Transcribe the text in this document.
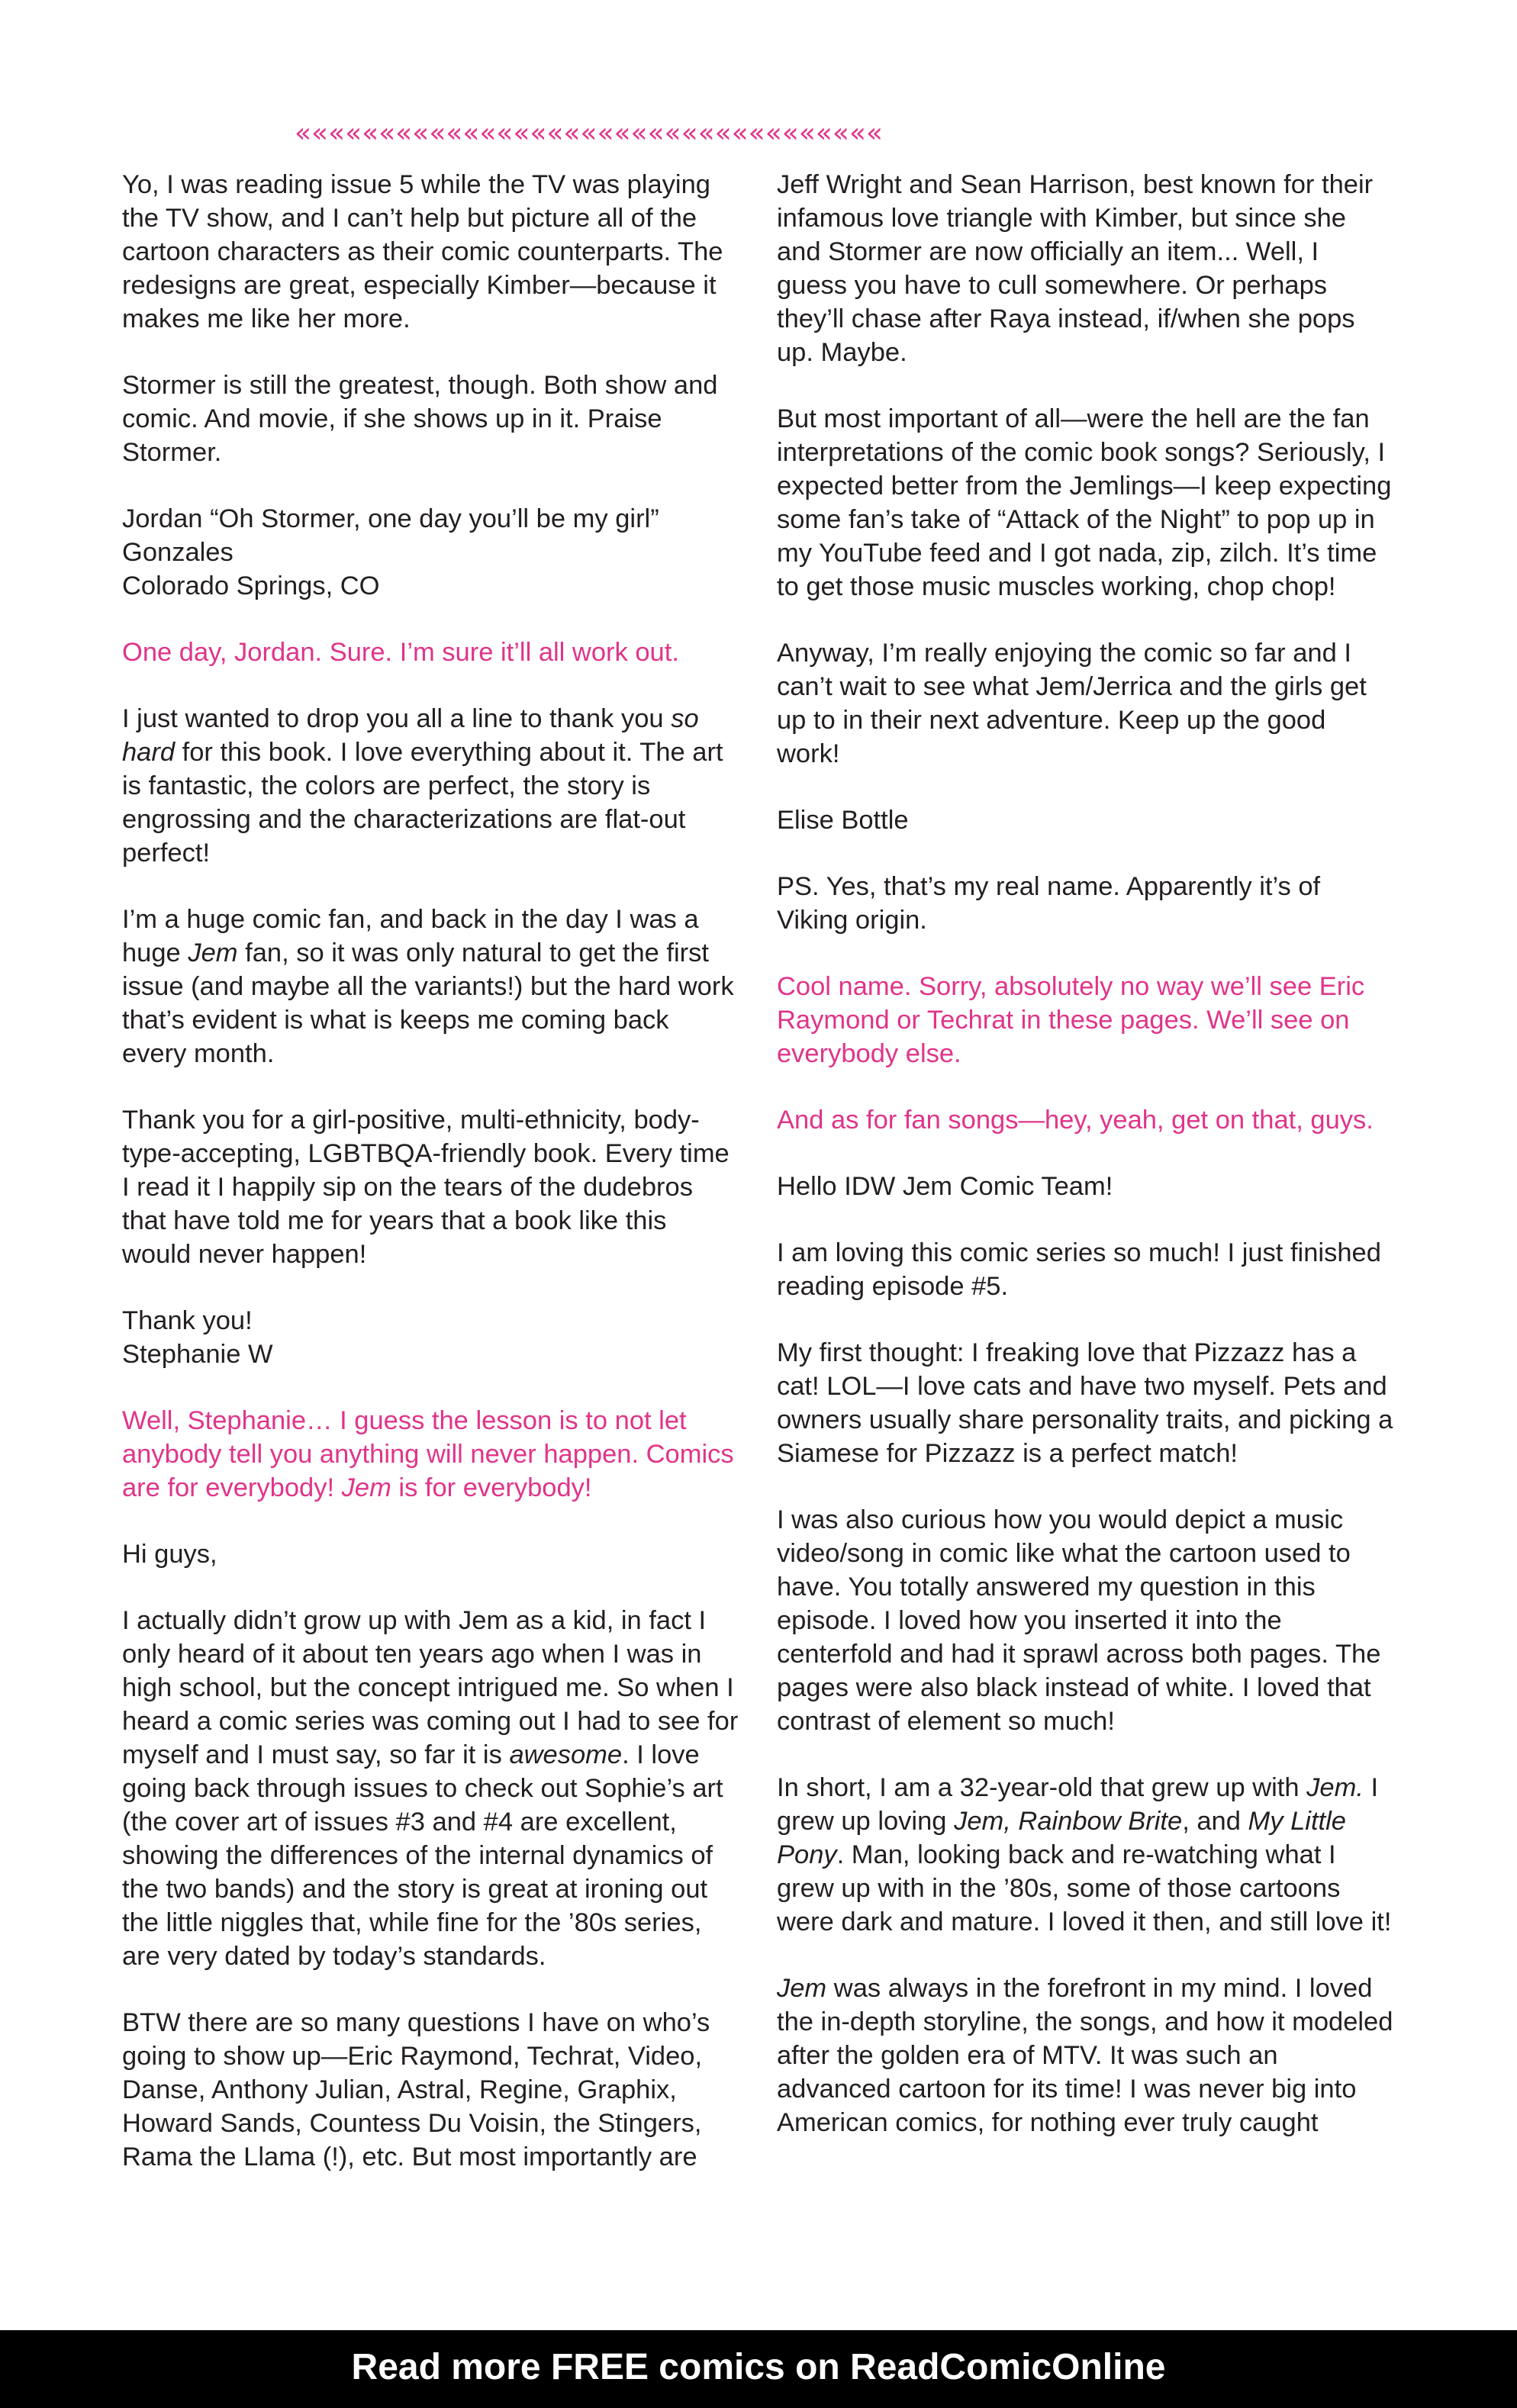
«««««««««««««««««««««««««««««««««««

Yo, I was reading issue 5 while the TV was playing the TV show, and I can’t help but picture all of the cartoon characters as their comic counterparts. The redesigns are great, especially Kimber—because it makes me like her more.

Stormer is still the greatest, though. Both show and comic. And movie, if she shows up in it. Praise Stormer.

Jordan “Oh Stormer, one day you’ll be my girl”
Gonzales
Colorado Springs, CO

One day, Jordan. Sure. I’m sure it’ll all work out.

I just wanted to drop you all a line to thank you so hard for this book. I love everything about it. The art is fantastic, the colors are perfect, the story is engrossing and the characterizations are flat-out perfect!

I’m a huge comic fan, and back in the day I was a huge Jem fan, so it was only natural to get the first issue (and maybe all the variants!) but the hard work that’s evident is what is keeps me coming back every month.

Thank you for a girl-positive, multi-ethnicity, body-type-accepting, LGBTBQA-friendly book. Every time I read it I happily sip on the tears of the dudebros that have told me for years that a book like this would never happen!

Thank you!
Stephanie W

Well, Stephanie… I guess the lesson is to not let anybody tell you anything will never happen. Comics are for everybody! Jem is for everybody!

Hi guys,

I actually didn’t grow up with Jem as a kid, in fact I only heard of it about ten years ago when I was in high school, but the concept intrigued me. So when I heard a comic series was coming out I had to see for myself and I must say, so far it is awesome. I love going back through issues to check out Sophie’s art (the cover art of issues #3 and #4 are excellent, showing the differences of the internal dynamics of the two bands) and the story is great at ironing out the little niggles that, while fine for the ’80s series, are very dated by today’s standards.

BTW there are so many questions I have on who’s going to show up—Eric Raymond, Techrat, Video, Danse, Anthony Julian, Astral, Regine, Graphix, Howard Sands, Countess Du Voisin, the Stingers, Rama the Llama (!), etc. But most importantly are

Jeff Wright and Sean Harrison, best known for their infamous love triangle with Kimber, but since she and Stormer are now officially an item... Well, I guess you have to cull somewhere. Or perhaps they’ll chase after Raya instead, if/when she pops up. Maybe.

But most important of all—were the hell are the fan interpretations of the comic book songs? Seriously, I expected better from the Jemlings—I keep expecting some fan’s take of “Attack of the Night” to pop up in my YouTube feed and I got nada, zip, zilch. It’s time to get those music muscles working, chop chop!

Anyway, I’m really enjoying the comic so far and I can’t wait to see what Jem/Jerrica and the girls get up to in their next adventure. Keep up the good work!

Elise Bottle

PS. Yes, that’s my real name. Apparently it’s of Viking origin.

Cool name. Sorry, absolutely no way we’ll see Eric Raymond or Techrat in these pages. We’ll see on everybody else.

And as for fan songs—hey, yeah, get on that, guys.

Hello IDW Jem Comic Team!

I am loving this comic series so much! I just finished reading episode #5.

My first thought: I freaking love that Pizzazz has a cat! LOL—I love cats and have two myself. Pets and owners usually share personality traits, and picking a Siamese for Pizzazz is a perfect match!

I was also curious how you would depict a music video/song in comic like what the cartoon used to have. You totally answered my question in this episode. I loved how you inserted it into the centerfold and had it sprawl across both pages. The pages were also black instead of white. I loved that contrast of element so much!

In short, I am a 32-year-old that grew up with Jem. I grew up loving Jem, Rainbow Brite, and My Little Pony. Man, looking back and re-watching what I grew up with in the ’80s, some of those cartoons were dark and mature. I loved it then, and still love it!

Jem was always in the forefront in my mind. I loved the in-depth storyline, the songs, and how it modeled after the golden era of MTV. It was such an advanced cartoon for its time! I was never big into American comics, for nothing ever truly caught

Read more FREE comics on ReadComicOnline
